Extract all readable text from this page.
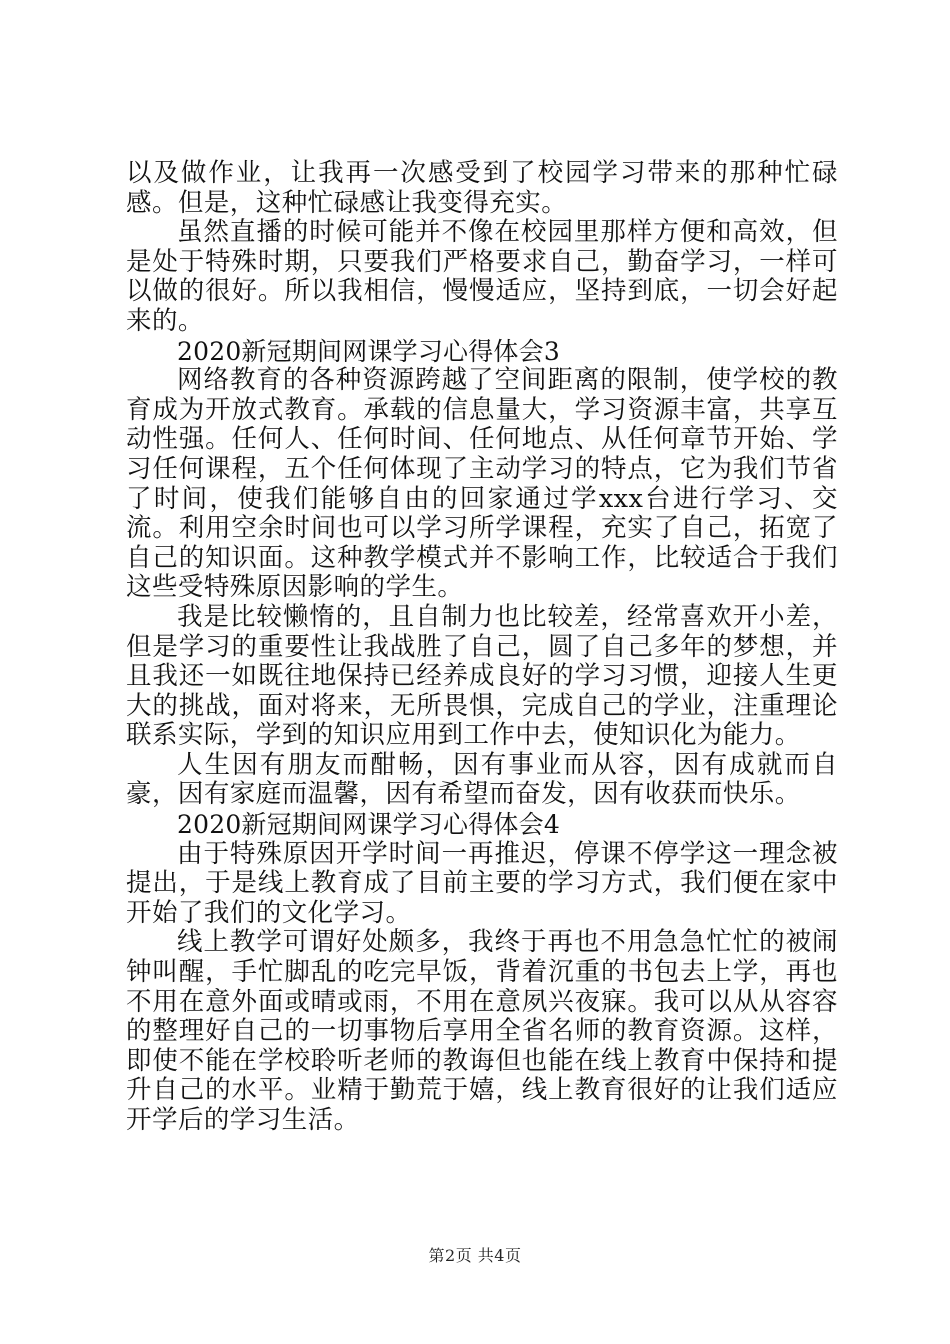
以及做作业，让我再一次感受到了校园学习带来的那种忙碌感。但是，这种忙碌感让我变得充实。

虽然直播的时候可能并不像在校园里那样方便和高效，但是处于特殊时期，只要我们严格要求自己，勤奋学习，一样可以做的很好。所以我相信，慢慢适应，坚持到底，一切会好起来的。

2020新冠期间网课学习心得体会3

网络教育的各种资源跨越了空间距离的限制，使学校的教育成为开放式教育。承载的信息量大，学习资源丰富，共享互动性强。任何人、任何时间、任何地点、从任何章节开始、学习任何课程，五个任何体现了主动学习的特点，它为我们节省了时间，使我们能够自由的回家通过学xxx台进行学习、交流。利用空余时间也可以学习所学课程，充实了自己，拓宽了自己的知识面。这种教学模式并不影响工作，比较适合于我们这些受特殊原因影响的学生。

我是比较懒惰的，且自制力也比较差，经常喜欢开小差，但是学习的重要性让我战胜了自己，圆了自己多年的梦想，并且我还一如既往地保持已经养成良好的学习习惯，迎接人生更大的挑战，面对将来，无所畏惧，完成自己的学业，注重理论联系实际，学到的知识应用到工作中去，使知识化为能力。

人生因有朋友而酣畅，因有事业而从容，因有成就而自豪，因有家庭而温馨，因有希望而奋发，因有收获而快乐。

2020新冠期间网课学习心得体会4

由于特殊原因开学时间一再推迟，停课不停学这一理念被提出，于是线上教育成了目前主要的学习方式，我们便在家中开始了我们的文化学习。

线上教学可谓好处颇多，我终于再也不用急急忙忙的被闹钟叫醒，手忙脚乱的吃完早饭，背着沉重的书包去上学，再也不用在意外面或晴或雨，不用在意夙兴夜寐。我可以从从容容的整理好自己的一切事物后享用全省名师的教育资源。这样，即使不能在学校聆听老师的教诲但也能在线上教育中保持和提升自己的水平。业精于勤荒于嬉，线上教育很好的让我们适应开学后的学习生活。

第2页 共4页
